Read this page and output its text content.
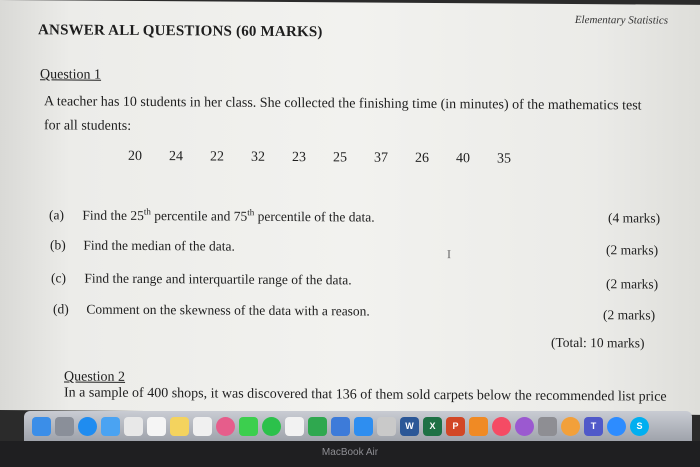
Elementary Statistics
ANSWER ALL QUESTIONS (60 MARKS)
Question 1
A teacher has 10 students in her class. She collected the finishing time (in minutes) of the mathematics test
for all students:
20	24	22	32	23	25	37	26	40	35
(a) Find the 25th percentile and 75th percentile of the data.	(4 marks)
(b) Find the median of the data.	(2 marks)
(c) Find the range and interquartile range of the data.	(2 marks)
(d) Comment on the skewness of the data with a reason.	(2 marks)
(Total: 10 marks)
I
Question 2
In a sample of 400 shops, it was discovered that 136 of them sold carpets below the recommended list price
W	X	P	T	S
MacBook Air
